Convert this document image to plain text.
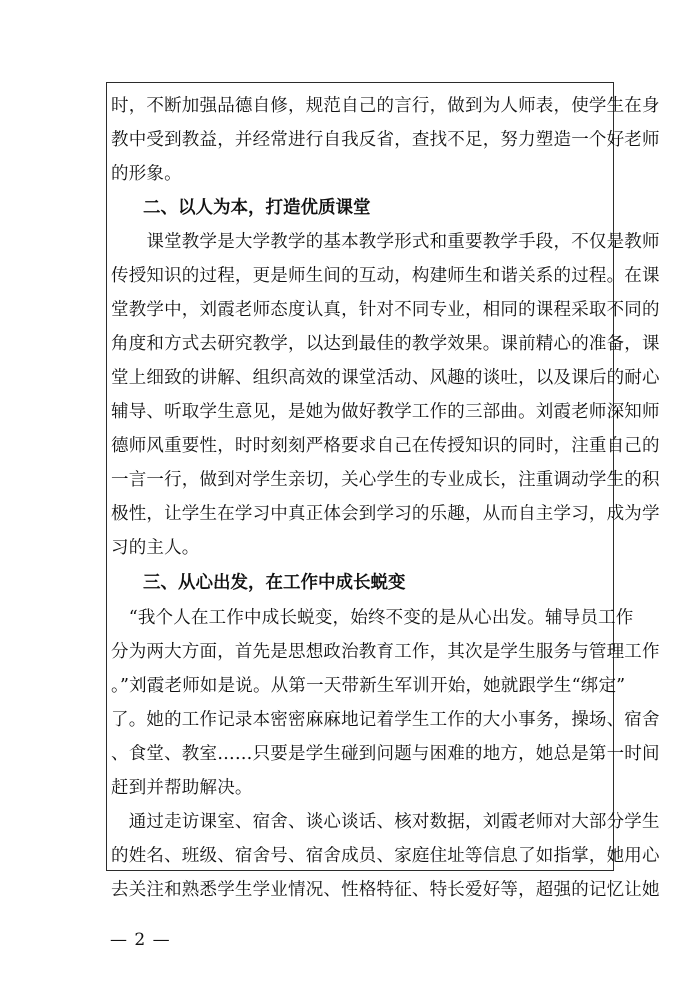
时，不断加强品德自修，规范自己的言行，做到为人师表，使学生在身
教中受到教益，并经常进行自我反省，查找不足，努力塑造一个好老师
的形象。
二、以人为本，打造优质课堂
　　课堂教学是大学教学的基本教学形式和重要教学手段，不仅是教师
传授知识的过程，更是师生间的互动，构建师生和谐关系的过程。在课
堂教学中，刘霞老师态度认真，针对不同专业，相同的课程采取不同的
角度和方式去研究教学，以达到最佳的教学效果。课前精心的准备，课
堂上细致的讲解、组织高效的课堂活动、风趣的谈吐，以及课后的耐心
辅导、听取学生意见，是她为做好教学工作的三部曲。刘霞老师深知师
德师风重要性，时时刻刻严格要求自己在传授知识的同时，注重自己的
一言一行，做到对学生亲切，关心学生的专业成长，注重调动学生的积
极性，让学生在学习中真正体会到学习的乐趣，从而自主学习，成为学
习的主人。
三、从心出发，在工作中成长蜕变
　“我个人在工作中成长蜕变，始终不变的是从心出发。辅导员工作
分为两大方面，首先是思想政治教育工作，其次是学生服务与管理工作
。”刘霞老师如是说。从第一天带新生军训开始，她就跟学生“绑定”
了。她的工作记录本密密麻麻地记着学生工作的大小事务，操场、宿舍
、食堂、教室……只要是学生碰到问题与困难的地方，她总是第一时间
赶到并帮助解决。
　通过走访课室、宿舍、谈心谈话、核对数据，刘霞老师对大部分学生
的姓名、班级、宿舍号、宿舍成员、家庭住址等信息了如指掌，她用心
去关注和熟悉学生学业情况、性格特征、特长爱好等，超强的记忆让她
— 2 —
